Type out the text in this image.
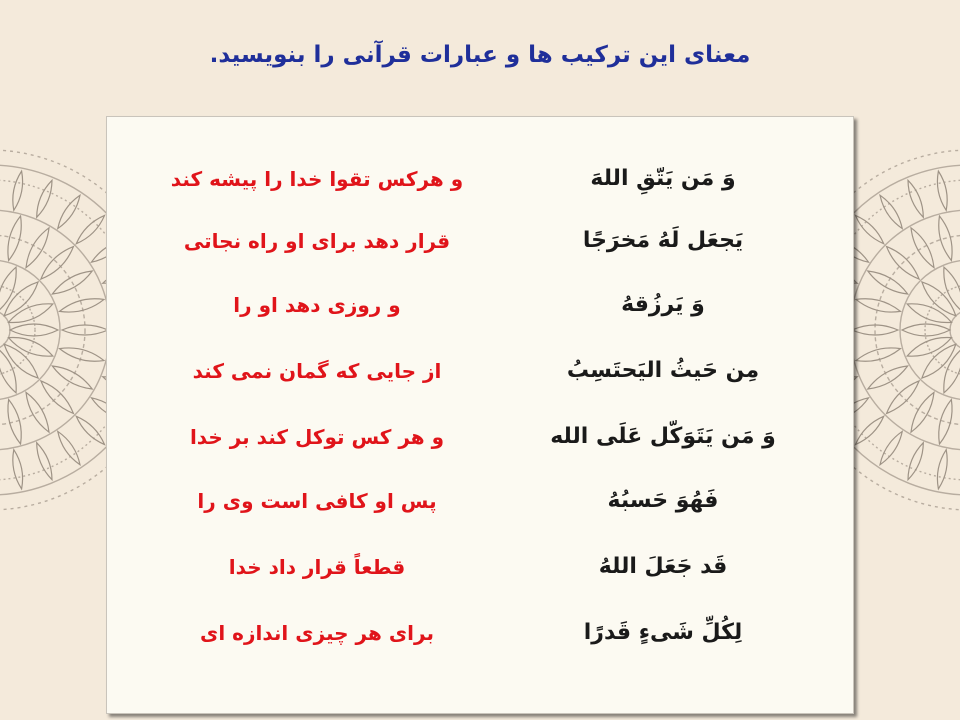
معنای این ترکیب ها و عبارات قرآنی را بنویسید.
وَ مَن یَتّقِ اللهَ
و هرکس تقوا خدا را پیشه کند
یَجعَل لَهُ مَخرَجًا
قرار دهد برای او راه نجاتی
وَ یَرزُقهُ
و روزی دهد او را
مِن حَیثُ الیَحتَسِبُ
از جایی که گمان نمی کند
وَ مَن یَتَوَکّل عَلَی الله
و هر کس توکل کند بر خدا
فَهُوَ حَسبُهُ
پس او کافی است وی را
قَد جَعَلَ اللهُ
قطعاً قرار داد خدا
لِکُلِّ شَیءٍ قَدرًا
برای هر چیزی اندازه ای
